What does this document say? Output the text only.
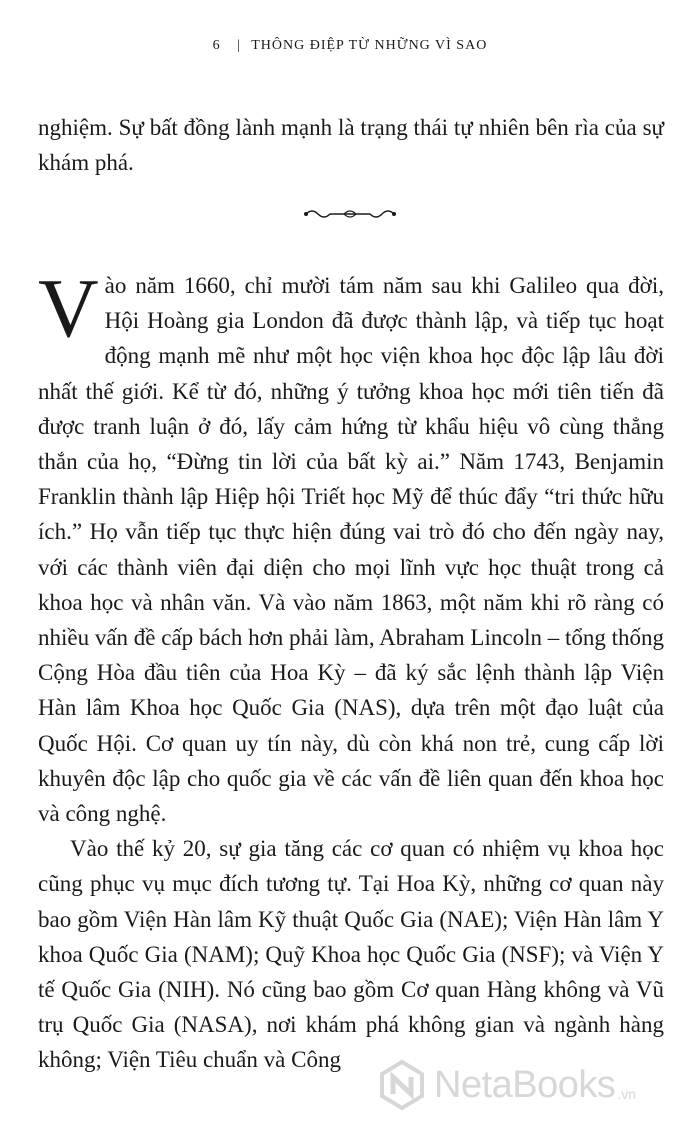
6 | THÔNG ĐIỆP TỪ NHỮNG VÌ SAO

nghiệm. Sự bất đồng lành mạnh là trạng thái tự nhiên bên rìa của sự khám phá.

Vào năm 1660, chỉ mười tám năm sau khi Galileo qua đời, Hội Hoàng gia London đã được thành lập, và tiếp tục hoạt động mạnh mẽ như một học viện khoa học độc lập lâu đời nhất thế giới. Kể từ đó, những ý tưởng khoa học mới tiên tiến đã được tranh luận ở đó, lấy cảm hứng từ khẩu hiệu vô cùng thẳng thắn của họ, “Đừng tin lời của bất kỳ ai.” Năm 1743, Benjamin Franklin thành lập Hiệp hội Triết học Mỹ để thúc đẩy “tri thức hữu ích.” Họ vẫn tiếp tục thực hiện đúng vai trò đó cho đến ngày nay, với các thành viên đại diện cho mọi lĩnh vực học thuật trong cả khoa học và nhân văn. Và vào năm 1863, một năm khi rõ ràng có nhiều vấn đề cấp bách hơn phải làm, Abraham Lincoln – tổng thống Cộng Hòa đầu tiên của Hoa Kỳ – đã ký sắc lệnh thành lập Viện Hàn lâm Khoa học Quốc Gia (NAS), dựa trên một đạo luật của Quốc Hội. Cơ quan uy tín này, dù còn khá non trẻ, cung cấp lời khuyên độc lập cho quốc gia về các vấn đề liên quan đến khoa học và công nghệ.

Vào thế kỷ 20, sự gia tăng các cơ quan có nhiệm vụ khoa học cũng phục vụ mục đích tương tự. Tại Hoa Kỳ, những cơ quan này bao gồm Viện Hàn lâm Kỹ thuật Quốc Gia (NAE); Viện Hàn lâm Y khoa Quốc Gia (NAM); Quỹ Khoa học Quốc Gia (NSF); và Viện Y tế Quốc Gia (NIH). Nó cũng bao gồm Cơ quan Hàng không và Vũ trụ Quốc Gia (NASA), nơi khám phá không gian và ngành hàng không; Viện Tiêu chuẩn và Công

NetaBooks .vn
